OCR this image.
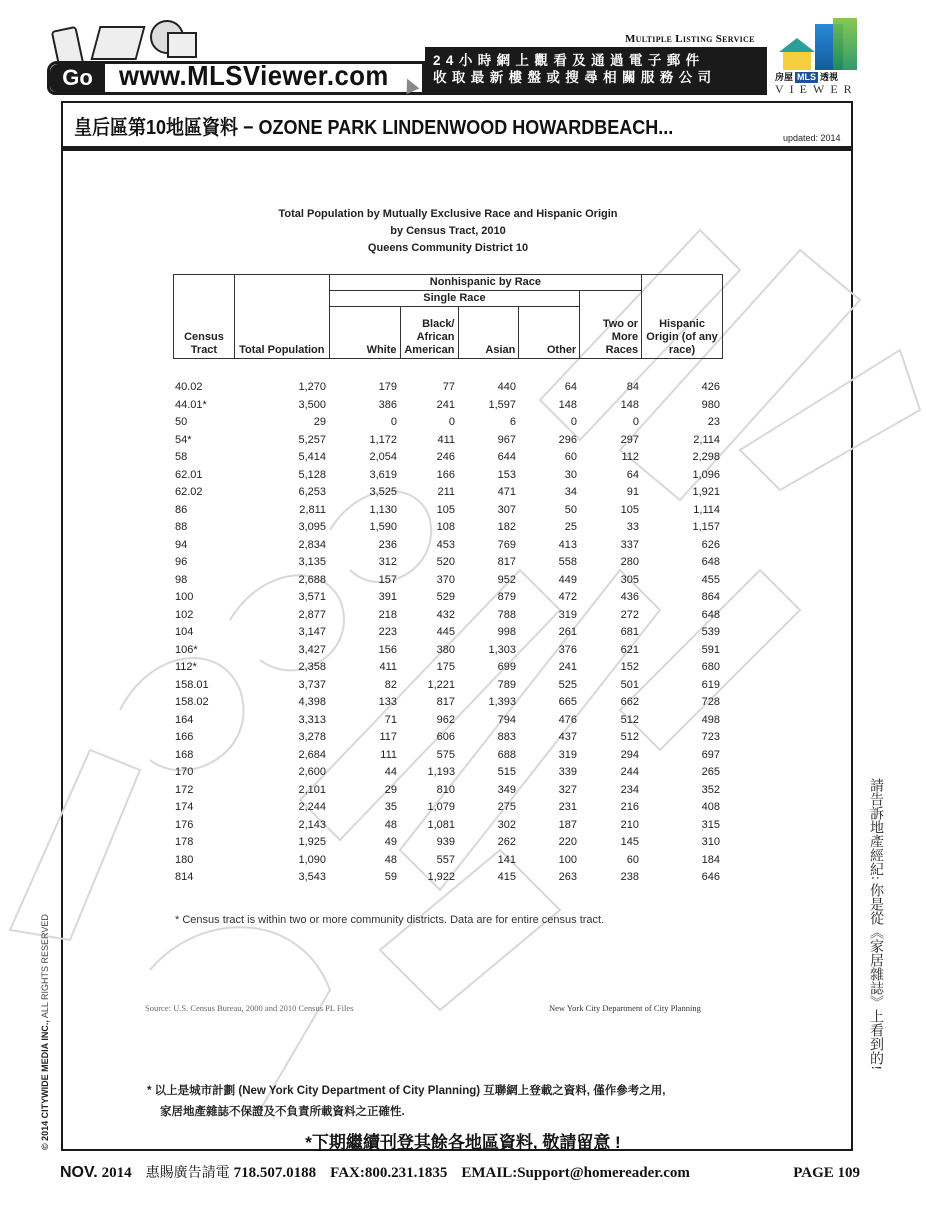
Go www.MLSViewer.com
Multiple Listing Service
24小時網上觀看及通過電子郵件
收取最新樓盤或搜尋相關服務公司	房屋 MLS 透視
VIEWER
皇后區第10地區資料 − OZONE PARK LINDENWOOD HOWARDBEACH...	updated: 2014
Total Population by Mutually Exclusive Race and Hispanic Origin
by Census Tract, 2010
Queens Community District 10
Census Tract	Total Population	Nonhispanic by Race					Hispanic Origin (of any race)
		Single Race				Two or More Races	
		White	Black/ African American	Asian	Other		
40.02	1,270	179	77	440	64	84	426
44.01*	3,500	386	241	1,597	148	148	980
50	29	0	0	6	0	0	23
54*	5,257	1,172	411	967	296	297	2,114
58	5,414	2,054	246	644	60	112	2,298
62.01	5,128	3,619	166	153	30	64	1,096
62.02	6,253	3,525	211	471	34	91	1,921
86	2,811	1,130	105	307	50	105	1,114
88	3,095	1,590	108	182	25	33	1,157
94	2,834	236	453	769	413	337	626
96	3,135	312	520	817	558	280	648
98	2,688	157	370	952	449	305	455
100	3,571	391	529	879	472	436	864
102	2,877	218	432	788	319	272	648
104	3,147	223	445	998	261	681	539
106*	3,427	156	380	1,303	376	621	591
112*	2,358	411	175	699	241	152	680
158.01	3,737	82	1,221	789	525	501	619
158.02	4,398	133	817	1,393	665	662	728
164	3,313	71	962	794	476	512	498
166	3,278	117	606	883	437	512	723
168	2,684	111	575	688	319	294	697
170	2,600	44	1,193	515	339	244	265
172	2,101	29	810	349	327	234	352
174	2,244	35	1,079	275	231	216	408
176	2,143	48	1,081	302	187	210	315
178	1,925	49	939	262	220	145	310
180	1,090	48	557	141	100	60	184
814	3,543	59	1,922	415	263	238	646
* Census tract is within two or more community districts. Data are for entire census tract.
Source: U.S. Census Bureau, 2000 and 2010 Census PL Files	New York City Department of City Planning
* 以上是城市計劃 (New York City Department of City Planning) 互聯網上登載之資料, 僅作參考之用,
家居地產雜誌不保證及不負責所載資料之正確性.
*下期繼續刊登其餘各地區資料, 敬請留意 !
© 2014 CITYWIDE MEDIA INC., ALL RIGHTS RESERVED	請告訴地產經紀: 你是從《家居雜誌》上看到的!
NOV. 2014 惠賜廣告請電 718.507.0188 FAX:800.231.1835 EMAIL:Support@homereader.com	PAGE 109
